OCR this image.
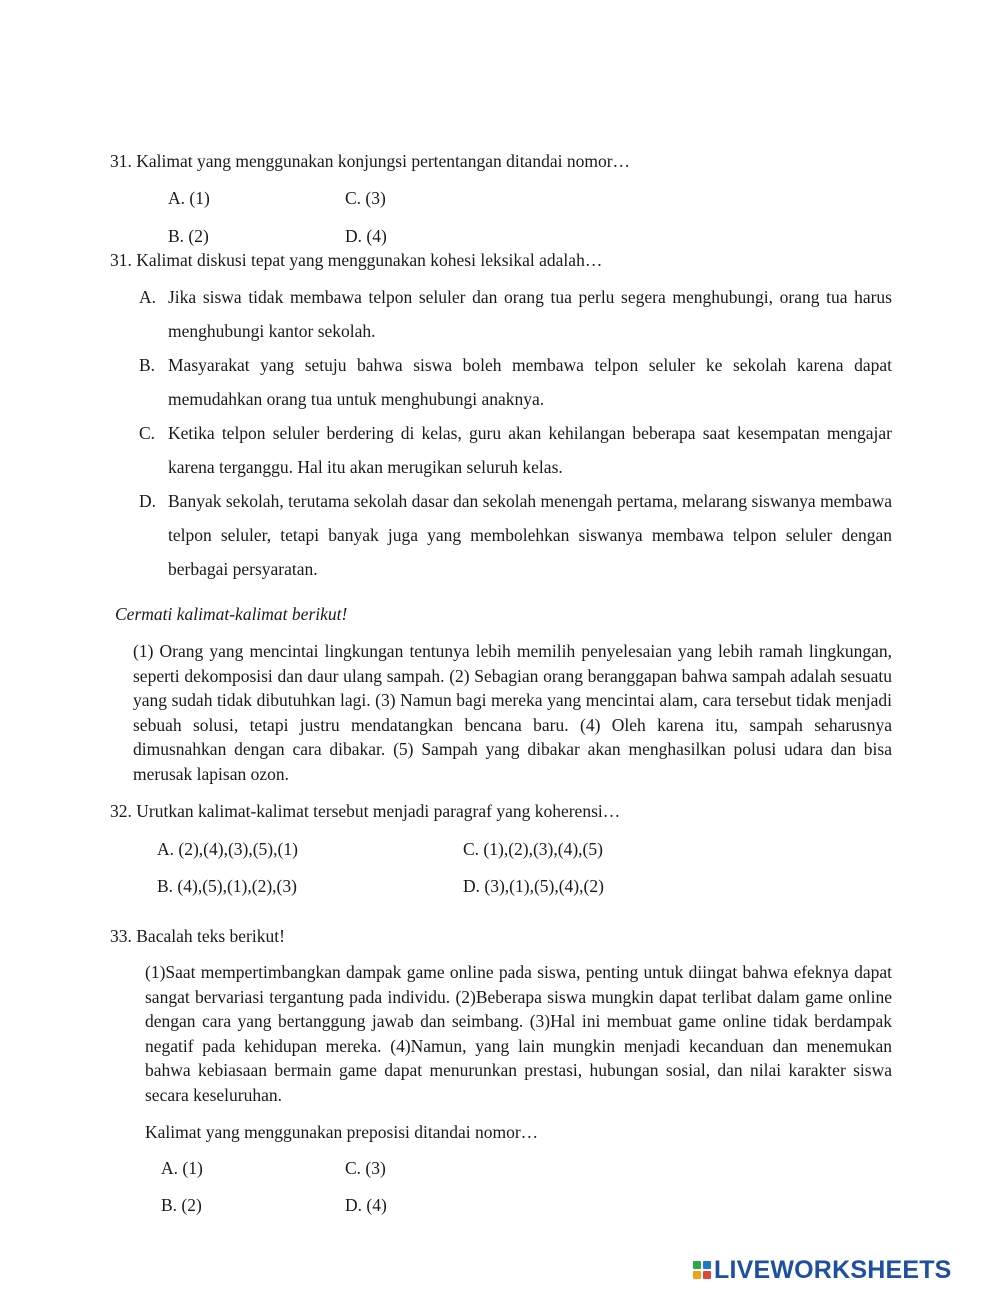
31. Kalimat yang menggunakan konjungsi pertentangan ditandai nomor…
A. (1)	C. (3)
B. (2)	D. (4)
31. Kalimat diskusi tepat yang menggunakan kohesi leksikal adalah…
A. Jika siswa tidak membawa telpon seluler dan orang tua perlu segera menghubungi, orang tua harus menghubungi kantor sekolah.
B. Masyarakat yang setuju bahwa siswa boleh membawa telpon seluler ke sekolah karena dapat memudahkan orang tua untuk menghubungi anaknya.
C. Ketika telpon seluler berdering di kelas, guru akan kehilangan beberapa saat kesempatan mengajar karena terganggu. Hal itu akan merugikan seluruh kelas.
D. Banyak sekolah, terutama sekolah dasar dan sekolah menengah pertama, melarang siswanya membawa telpon seluler, tetapi banyak juga yang membolehkan siswanya membawa telpon seluler dengan berbagai persyaratan.
Cermati kalimat-kalimat berikut!
(1) Orang yang mencintai lingkungan tentunya lebih memilih penyelesaian yang lebih ramah lingkungan, seperti dekomposisi dan daur ulang sampah. (2) Sebagian orang beranggapan bahwa sampah adalah sesuatu yang sudah tidak dibutuhkan lagi. (3) Namun bagi mereka yang mencintai alam, cara tersebut tidak menjadi sebuah solusi, tetapi justru mendatangkan bencana baru. (4) Oleh karena itu, sampah seharusnya dimusnahkan dengan cara dibakar. (5) Sampah yang dibakar akan menghasilkan polusi udara dan bisa merusak lapisan ozon.
32. Urutkan kalimat-kalimat tersebut menjadi paragraf yang koherensi…
A. (2),(4),(3),(5),(1)	C. (1),(2),(3),(4),(5)
B. (4),(5),(1),(2),(3)	D. (3),(1),(5),(4),(2)
33. Bacalah teks berikut!
(1)Saat mempertimbangkan dampak game online pada siswa, penting untuk diingat bahwa efeknya dapat sangat bervariasi tergantung pada individu. (2)Beberapa siswa mungkin dapat terlibat dalam game online dengan cara yang bertanggung jawab dan seimbang. (3)Hal ini membuat game online tidak berdampak negatif pada kehidupan mereka. (4)Namun, yang lain mungkin menjadi kecanduan dan menemukan bahwa kebiasaan bermain game dapat menurunkan prestasi, hubungan sosial, dan nilai karakter siswa secara keseluruhan.
Kalimat yang menggunakan preposisi ditandai nomor…
A. (1)	C. (3)
B. (2)	D. (4)
LIVEWORKSHEETS
